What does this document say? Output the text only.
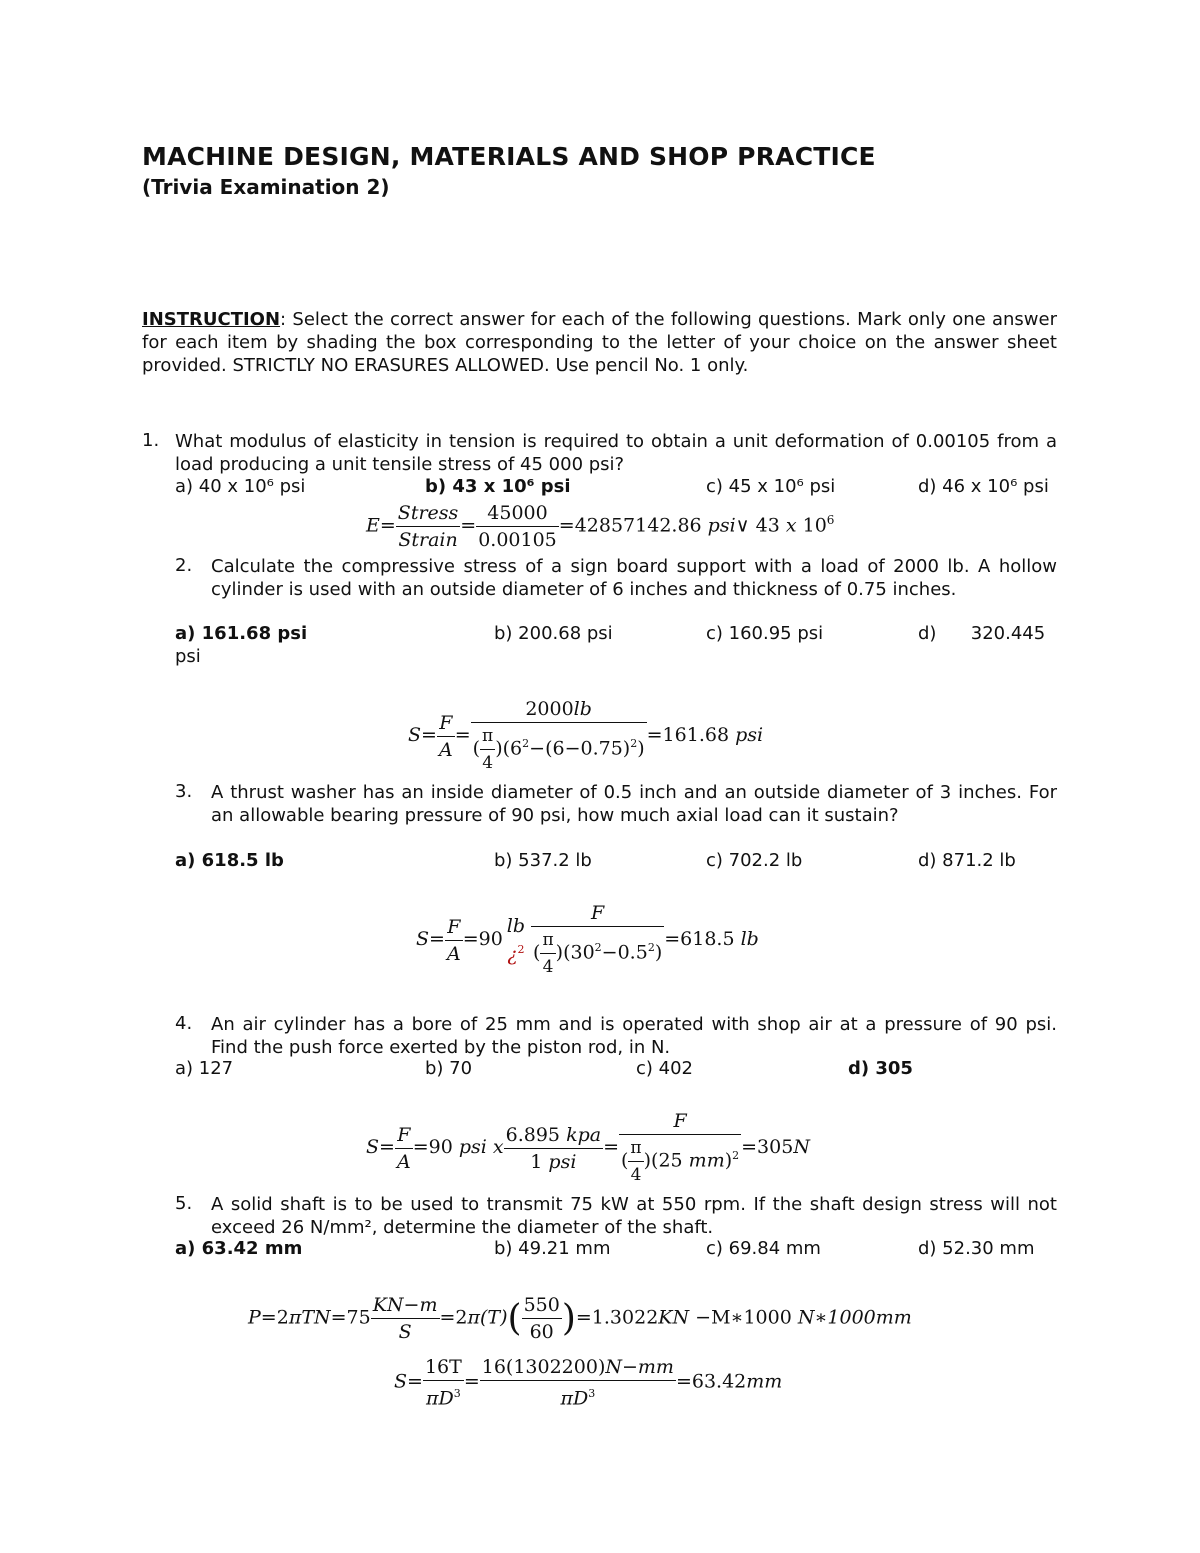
MACHINE DESIGN, MATERIALS AND SHOP PRACTICE
(Trivia Examination 2)
INSTRUCTION: Select the correct answer for each of the following questions. Mark only one answer for each item by shading the box corresponding to the letter of your choice on the answer sheet provided. STRICTLY NO ERASURES ALLOWED. Use pencil No. 1 only.
1. What modulus of elasticity in tension is required to obtain a unit deformation of 0.00105 from a load producing a unit tensile stress of 45 000 psi?
a) 40 x 10⁶ psi	b) 43 x 10⁶ psi	c) 45 x 10⁶ psi	d) 46 x 10⁶ psi
$E= \frac{\text{Stress}}{\text{Strain}} = \frac{45000}{0.00105} =42857142.86$ psi∨ 43 x $10^6$
2. Calculate the compressive stress of a sign board support with a load of 2000 lb. A hollow cylinder is used with an outside diameter of 6 inches and thickness of 0.75 inches.
a) 161.68 psi	b) 200.68 psi	c) 160.95 psi	d)      320.445
psi
$S= \frac{F}{A} = \frac{2000lb}{( \frac{\pi}{4} )(6^2-(6-0.75)^2)} =161.68$ psi
3. A thrust washer has an inside diameter of 0.5 inch and an outside diameter of 3 inches. For an allowable bearing pressure of 90 psi, how much axial load can it sustain?
a) 618.5 lb	b) 537.2 lb	c) 702.2 lb	d) 871.2 lb
$S= \frac{F}{A} =90$
lb
¿$^2 \frac{F}{( \frac{\pi}{4} )(30^2-0.5^2)} =618.5$ lb
4. An air cylinder has a bore of 25 mm and is operated with shop air at a pressure of 90 psi. Find the push force exerted by the piston rod, in N.
a) 127	b) 70	c) 402	d) 305
$S= \frac{F}{A} =90$ psi x $\frac{\text{6.895 kpa}}{\text{1 psi}} = \frac{F}{( \frac{\pi}{4} )(25 mm)^2} =305N$
5. A solid shaft is to be used to transmit 75 kW at 550 rpm. If the shaft design stress will not exceed 26 N/mm², determine the diameter of the shaft.
a) 63.42 mm	b) 49.21 mm	c) 69.84 mm	d) 52.30 mm
$P=2\pi TN=75 \frac{KN-m}{S} =2\pi(T)( \frac{550}{60} )=1.3022KN$ −M∗1000 N∗1000mm
$S= \frac{16T}{\pi D^3} = \frac{16(1302200)N-mm}{\pi D^3} =63.42mm$
